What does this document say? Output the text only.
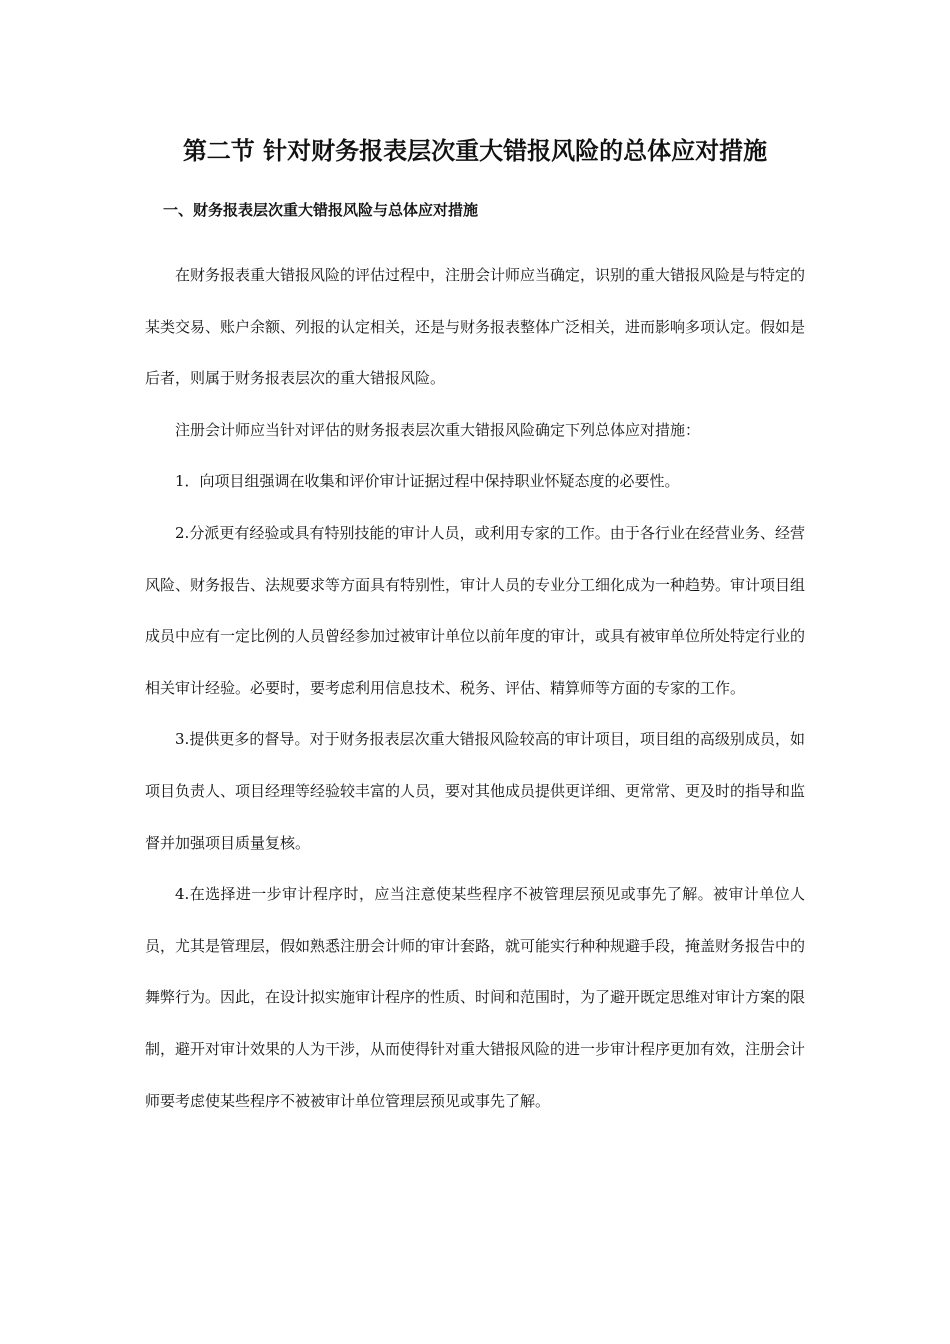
第二节 针对财务报表层次重大错报风险的总体应对措施
一、财务报表层次重大错报风险与总体应对措施

在财务报表重大错报风险的评估过程中，注册会计师应当确定，识别的重大错报风险是与特定的某类交易、账户余额、列报的认定相关，还是与财务报表整体广泛相关，进而影响多项认定。假如是后者，则属于财务报表层次的重大错报风险。

注册会计师应当针对评估的财务报表层次重大错报风险确定下列总体应对措施：

1．向项目组强调在收集和评价审计证据过程中保持职业怀疑态度的必要性。

2.分派更有经验或具有特别技能的审计人员，或利用专家的工作。由于各行业在经营业务、经营风险、财务报告、法规要求等方面具有特别性，审计人员的专业分工细化成为一种趋势。审计项目组成员中应有一定比例的人员曾经参加过被审计单位以前年度的审计，或具有被审单位所处特定行业的相关审计经验。必要时，要考虑利用信息技术、税务、评估、精算师等方面的专家的工作。

3.提供更多的督导。对于财务报表层次重大错报风险较高的审计项目，项目组的高级别成员，如项目负责人、项目经理等经验较丰富的人员，要对其他成员提供更详细、更常常、更及时的指导和监督并加强项目质量复核。

4.在选择进一步审计程序时，应当注意使某些程序不被管理层预见或事先了解。被审计单位人员，尤其是管理层，假如熟悉注册会计师的审计套路，就可能实行种种规避手段，掩盖财务报告中的舞弊行为。因此，在设计拟实施审计程序的性质、时间和范围时，为了避开既定思维对审计方案的限制，避开对审计效果的人为干涉，从而使得针对重大错报风险的进一步审计程序更加有效，注册会计师要考虑使某些程序不被被审计单位管理层预见或事先了解。
